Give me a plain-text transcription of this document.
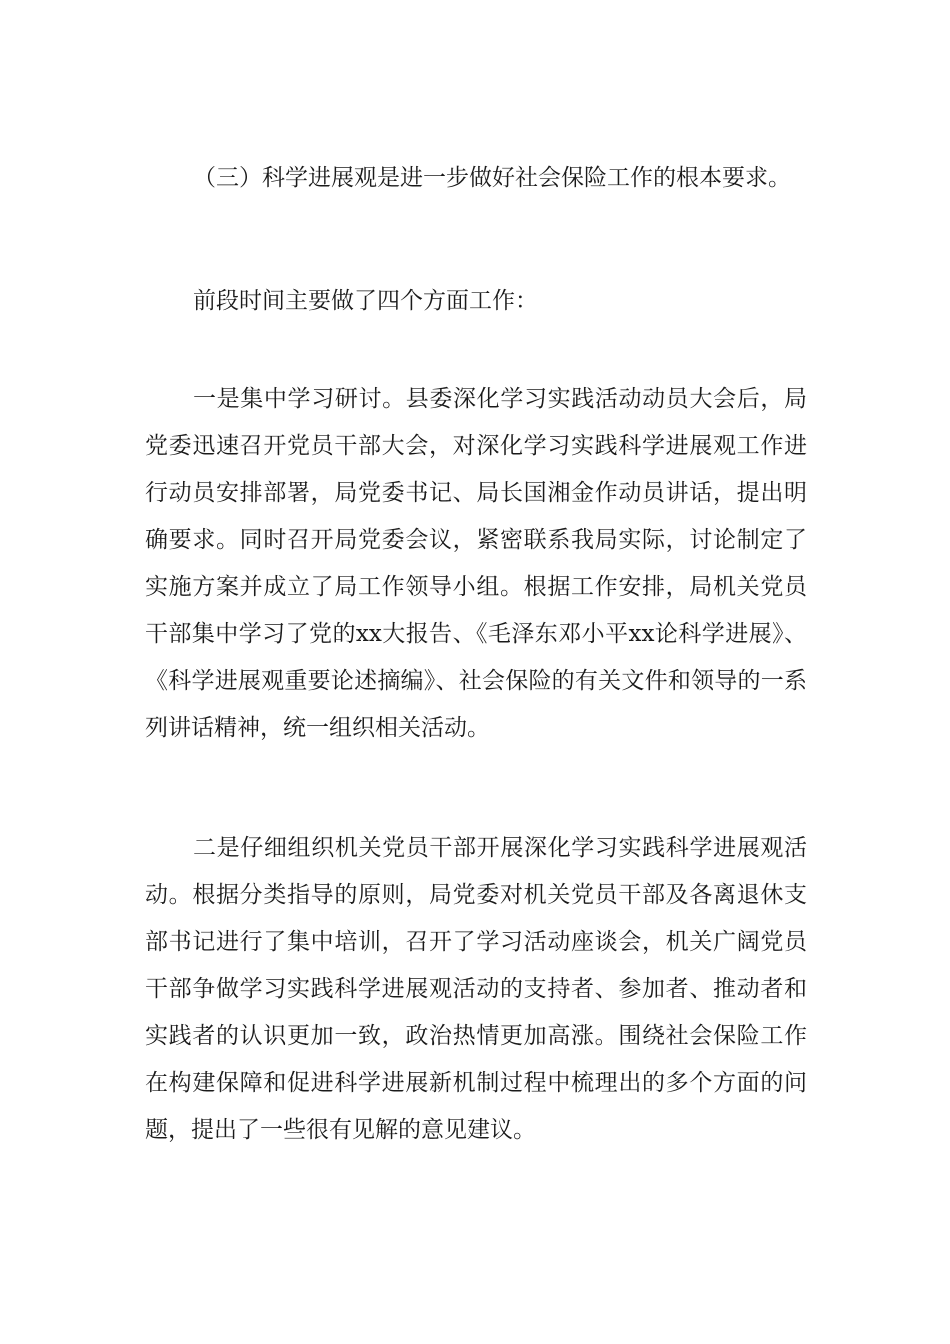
（三）科学进展观是进一步做好社会保险工作的根本要求。

前段时间主要做了四个方面工作：

一是集中学习研讨。县委深化学习实践活动动员大会后，局党委迅速召开党员干部大会，对深化学习实践科学进展观工作进行动员安排部署，局党委书记、局长国湘金作动员讲话，提出明确要求。同时召开局党委会议，紧密联系我局实际，讨论制定了实施方案并成立了局工作领导小组。根据工作安排，局机关党员干部集中学习了党的xx大报告、《毛泽东邓小平xx论科学进展》、《科学进展观重要论述摘编》、社会保险的有关文件和领导的一系列讲话精神，统一组织相关活动。

二是仔细组织机关党员干部开展深化学习实践科学进展观活动。根据分类指导的原则，局党委对机关党员干部及各离退休支部书记进行了集中培训，召开了学习活动座谈会，机关广阔党员干部争做学习实践科学进展观活动的支持者、参加者、推动者和实践者的认识更加一致，政治热情更加高涨。围绕社会保险工作在构建保障和促进科学进展新机制过程中梳理出的多个方面的问题，提出了一些很有见解的意见建议。
